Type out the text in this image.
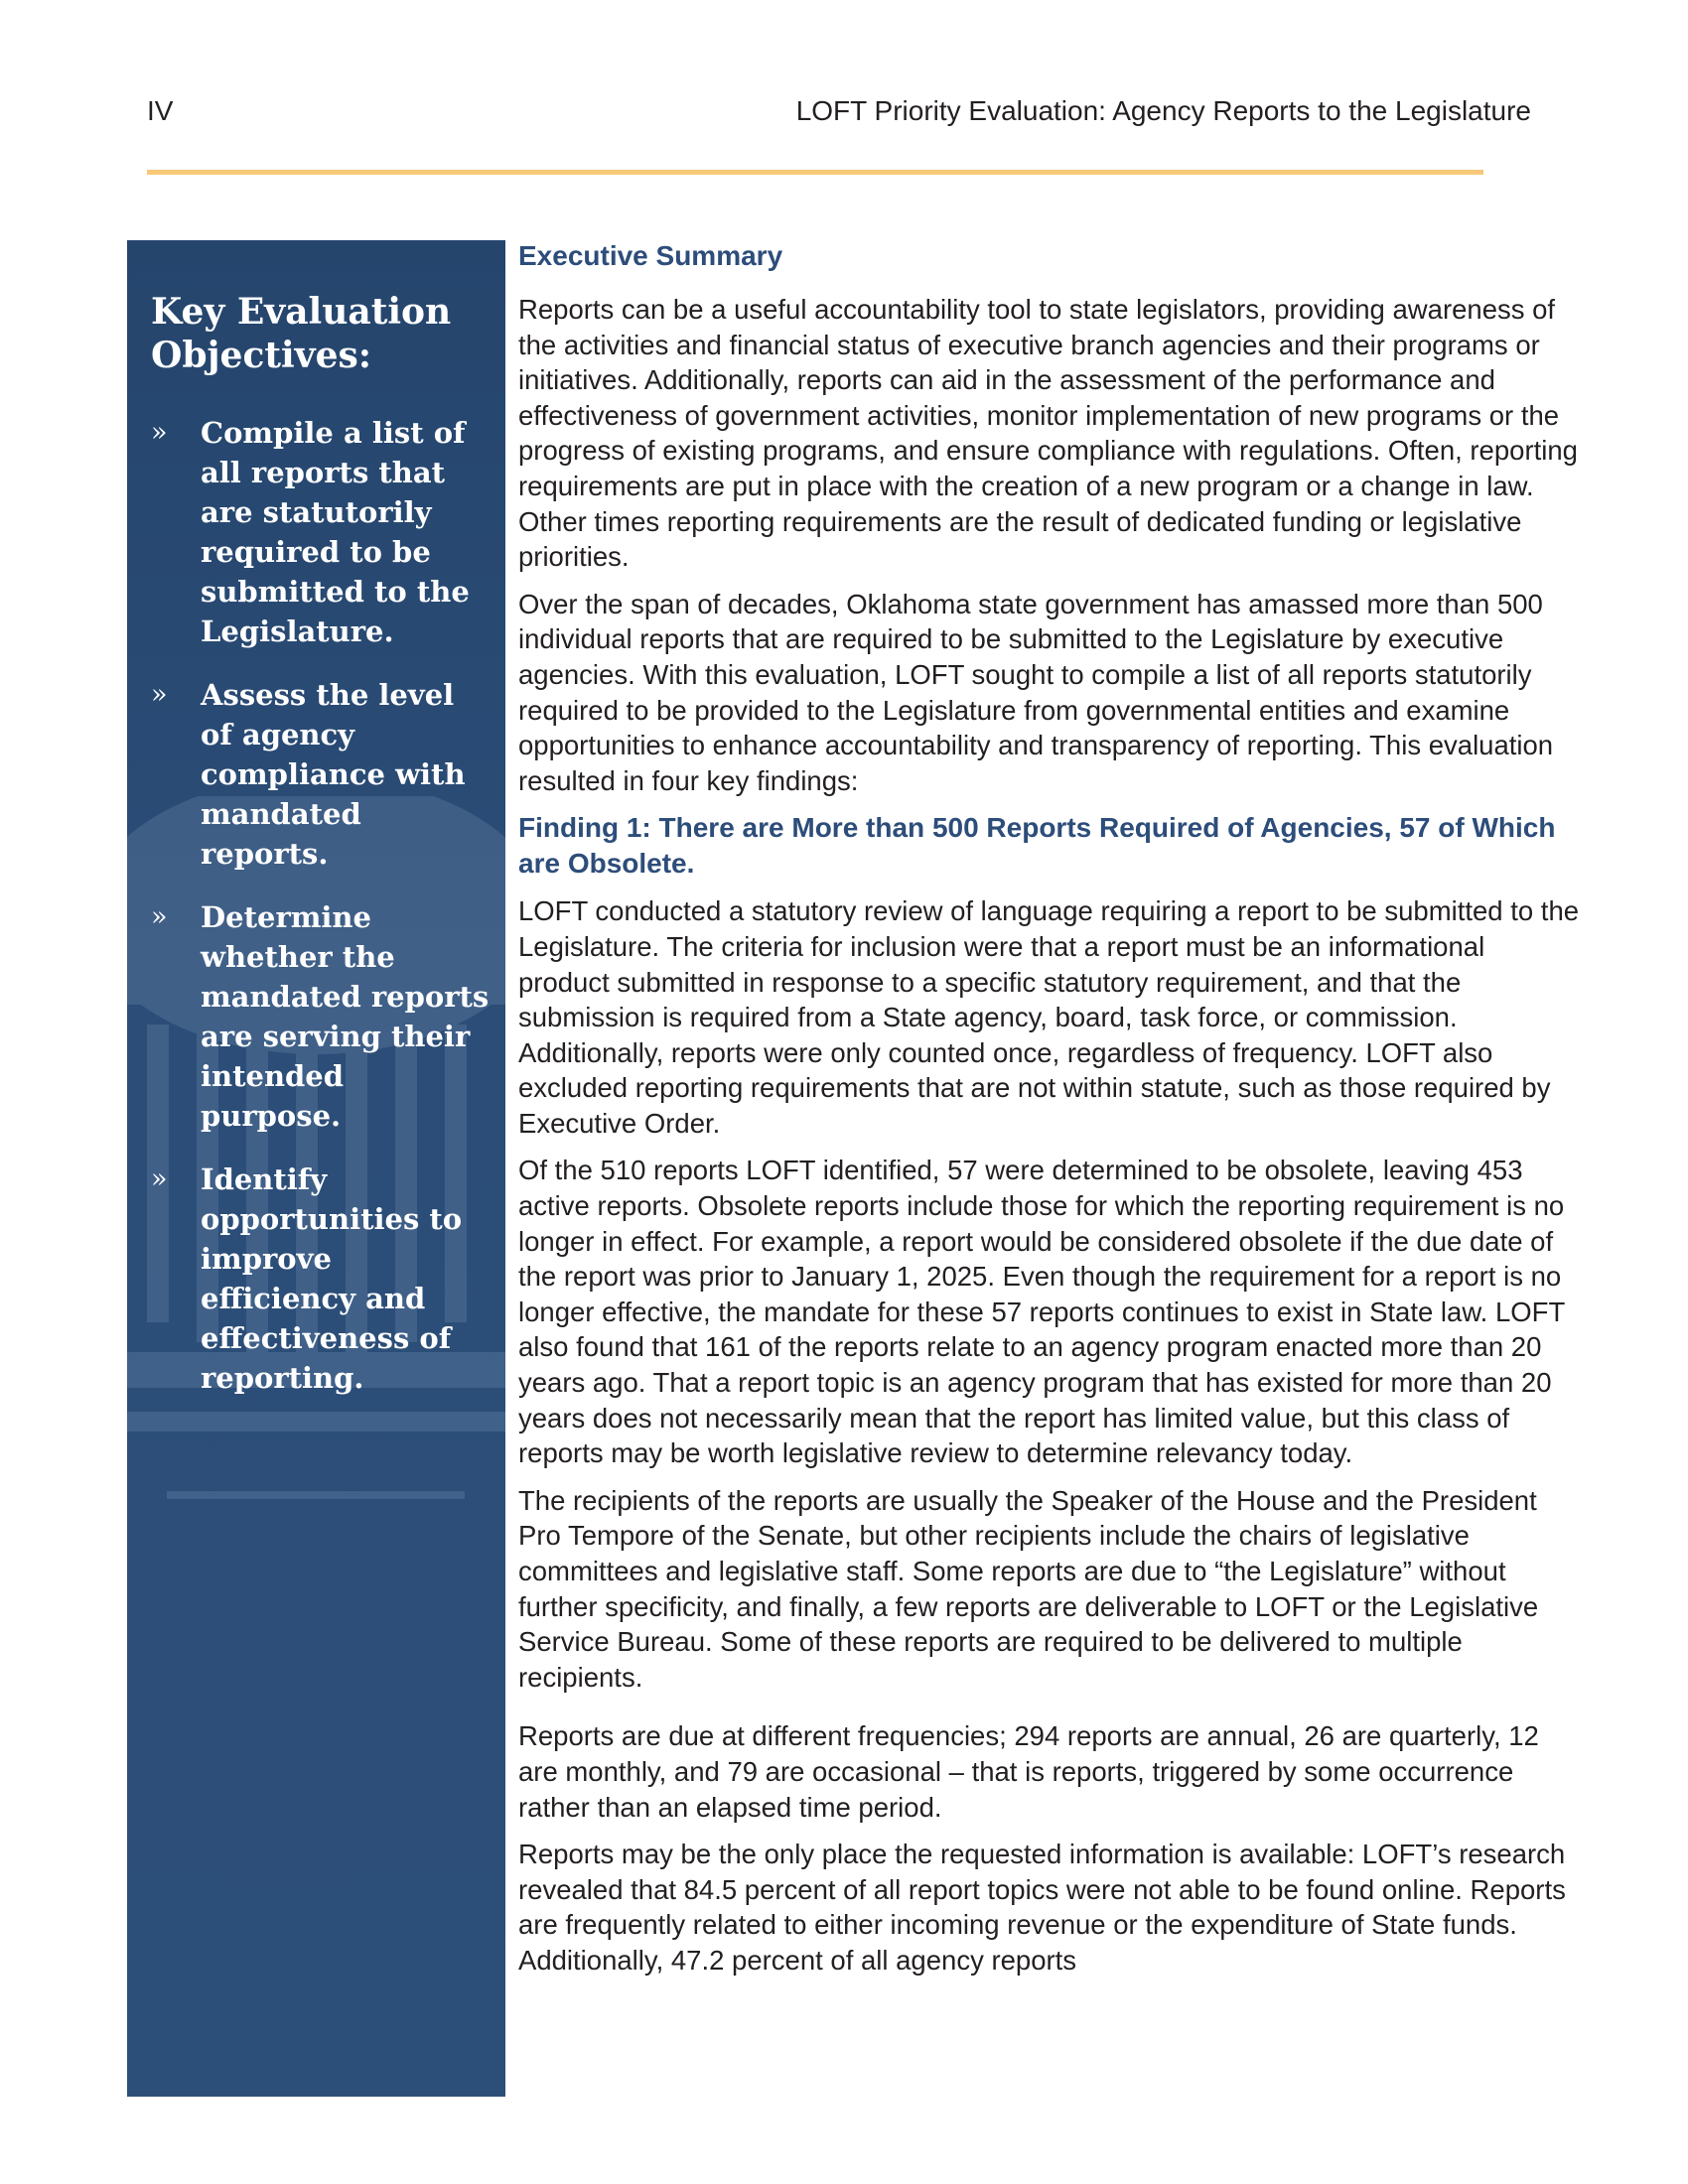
IV	LOFT Priority Evaluation: Agency Reports to the Legislature
Key Evaluation Objectives:
» Compile a list of all reports that are statutorily required to be submitted to the Legislature.
» Assess the level of agency compliance with mandated reports.
» Determine whether the mandated reports are serving their intended purpose.
» Identify opportunities to improve efficiency and effectiveness of reporting.
Executive Summary

Reports can be a useful accountability tool to state legislators, providing awareness of the activities and financial status of executive branch agencies and their programs or initiatives. Additionally, reports can aid in the assessment of the performance and effectiveness of government activities, monitor implementation of new programs or the progress of existing programs, and ensure compliance with regulations. Often, reporting requirements are put in place with the creation of a new program or a change in law. Other times reporting requirements are the result of dedicated funding or legislative priorities.

Over the span of decades, Oklahoma state government has amassed more than 500 individual reports that are required to be submitted to the Legislature by executive agencies. With this evaluation, LOFT sought to compile a list of all reports statutorily required to be provided to the Legislature from governmental entities and examine opportunities to enhance accountability and transparency of reporting. This evaluation resulted in four key findings:

Finding 1: There are More than 500 Reports Required of Agencies, 57 of Which are Obsolete.

LOFT conducted a statutory review of language requiring a report to be submitted to the Legislature. The criteria for inclusion were that a report must be an informational product submitted in response to a specific statutory requirement, and that the submission is required from a State agency, board, task force, or commission. Additionally, reports were only counted once, regardless of frequency. LOFT also excluded reporting requirements that are not within statute, such as those required by Executive Order.

Of the 510 reports LOFT identified, 57 were determined to be obsolete, leaving 453 active reports. Obsolete reports include those for which the reporting requirement is no longer in effect. For example, a report would be considered obsolete if the due date of the report was prior to January 1, 2025. Even though the requirement for a report is no longer effective, the mandate for these 57 reports continues to exist in State law. LOFT also found that 161 of the reports relate to an agency program enacted more than 20 years ago. That a report topic is an agency program that has existed for more than 20 years does not necessarily mean that the report has limited value, but this class of reports may be worth legislative review to determine relevancy today.

The recipients of the reports are usually the Speaker of the House and the President Pro Tempore of the Senate, but other recipients include the chairs of legislative committees and legislative staff. Some reports are due to “the Legislature” without further specificity, and finally, a few reports are deliverable to LOFT or the Legislative Service Bureau. Some of these reports are required to be delivered to multiple recipients.

Reports are due at different frequencies; 294 reports are annual, 26 are quarterly, 12 are monthly, and 79 are occasional – that is reports, triggered by some occurrence rather than an elapsed time period.

Reports may be the only place the requested information is available: LOFT’s research revealed that 84.5 percent of all report topics were not able to be found online. Reports are frequently related to either incoming revenue or the expenditure of State funds. Additionally, 47.2 percent of all agency reports
